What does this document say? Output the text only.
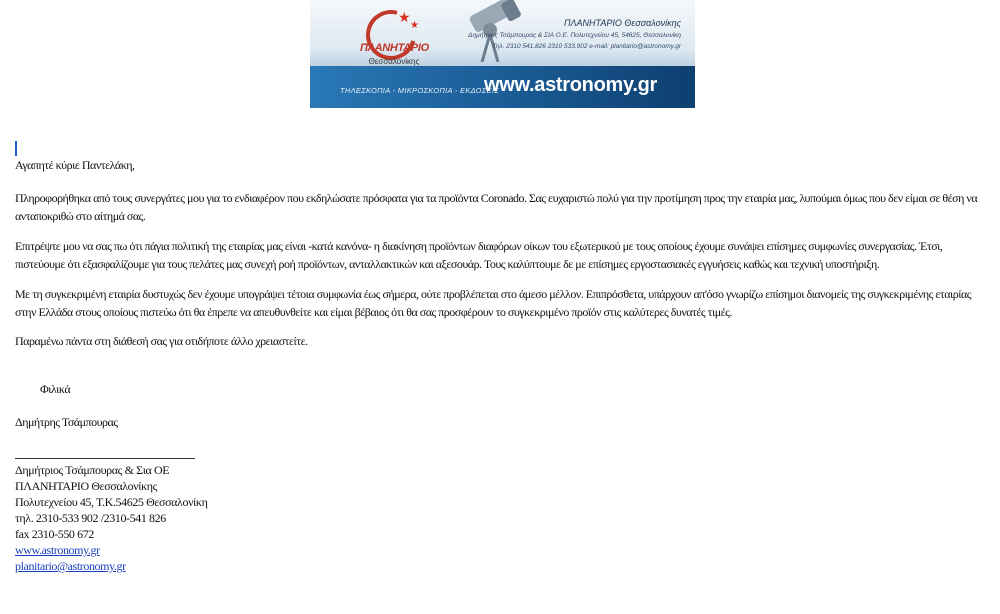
★ ★
ΠΛΑΝΗΤΑΡΙΟ
Θεσσαλονίκης
ΠΛΑΝΗΤΑΡΙΟ Θεσσαλονίκης
Δημήτριος Τσάμπουρας & ΣΙΑ Ο.Ε. Πολυτεχνείου 45, 54625, Θεσσαλονίκη
Τηλ. 2310 541.826 2310 533.902 e-mail: planitario@astronomy.gr
ΤΗΛΕΣΚΟΠΙΑ - ΜΙΚΡΟΣΚΟΠΙΑ - ΕΚΔΟΣΕΙΣ
www.astronomy.gr
Αγαπητέ κύριε Παντελάκη,
Πληροφορήθηκα από τους συνεργάτες μου για το ενδιαφέρον που εκδηλώσατε πρόσφατα για τα προϊόντα Coronado. Σας ευχαριστώ πολύ για την προτίμηση προς την εταιρία μας, λυπούμαι όμως που δεν είμαι σε θέση να ανταποκριθώ στο αίτημά σας.
Επιτρέψτε μου να σας πω ότι πάγια πολιτική της εταιρίας μας είναι -κατά κανόνα- η διακίνηση προϊόντων διαφόρων οίκων του εξωτερικού με τους οποίους έχουμε συνάψει επίσημες συμφωνίες συνεργασίας. Έτσι, πιστεύουμε ότι εξασφαλίζουμε για τους πελάτες μας συνεχή ροή προϊόντων, ανταλλακτικών και αξεσουάρ. Τους καλύπτουμε δε με επίσημες εργοστασιακές εγγυήσεις καθώς και τεχνική υποστήριξη.
Με τη συγκεκριμένη εταιρία δυστυχώς δεν έχουμε υπογράψει τέτοια συμφωνία έως σήμερα, ούτε προβλέπεται στο άμεσο μέλλον. Επιπρόσθετα, υπάρχουν απ'όσο γνωρίζω επίσημοι διανομείς της συγκεκριμένης εταιρίας στην Ελλάδα στους οποίους πιστεύω ότι θα έπρεπε να απευθυνθείτε και είμαι βέβαιος ότι θα σας προσφέρουν το συγκεκριμένο προϊόν στις καλύτερες δυνατές τιμές.
Παραμένω πάντα στη διάθεσή σας για οτιδήποτε άλλο χρειαστείτε.
Φιλικά
Δημήτρης Τσάμπουρας
Δημήτριος Τσάμπουρας & Σια ΟΕ
ΠΛΑΝΗΤΑΡΙΟ Θεσσαλονίκης
Πολυτεχνείου 45, Τ.Κ.54625 Θεσσαλονίκη
τηλ. 2310-533 902 /2310-541 826
fax 2310-550 672
www.astronomy.gr
planitario@astronomy.gr
